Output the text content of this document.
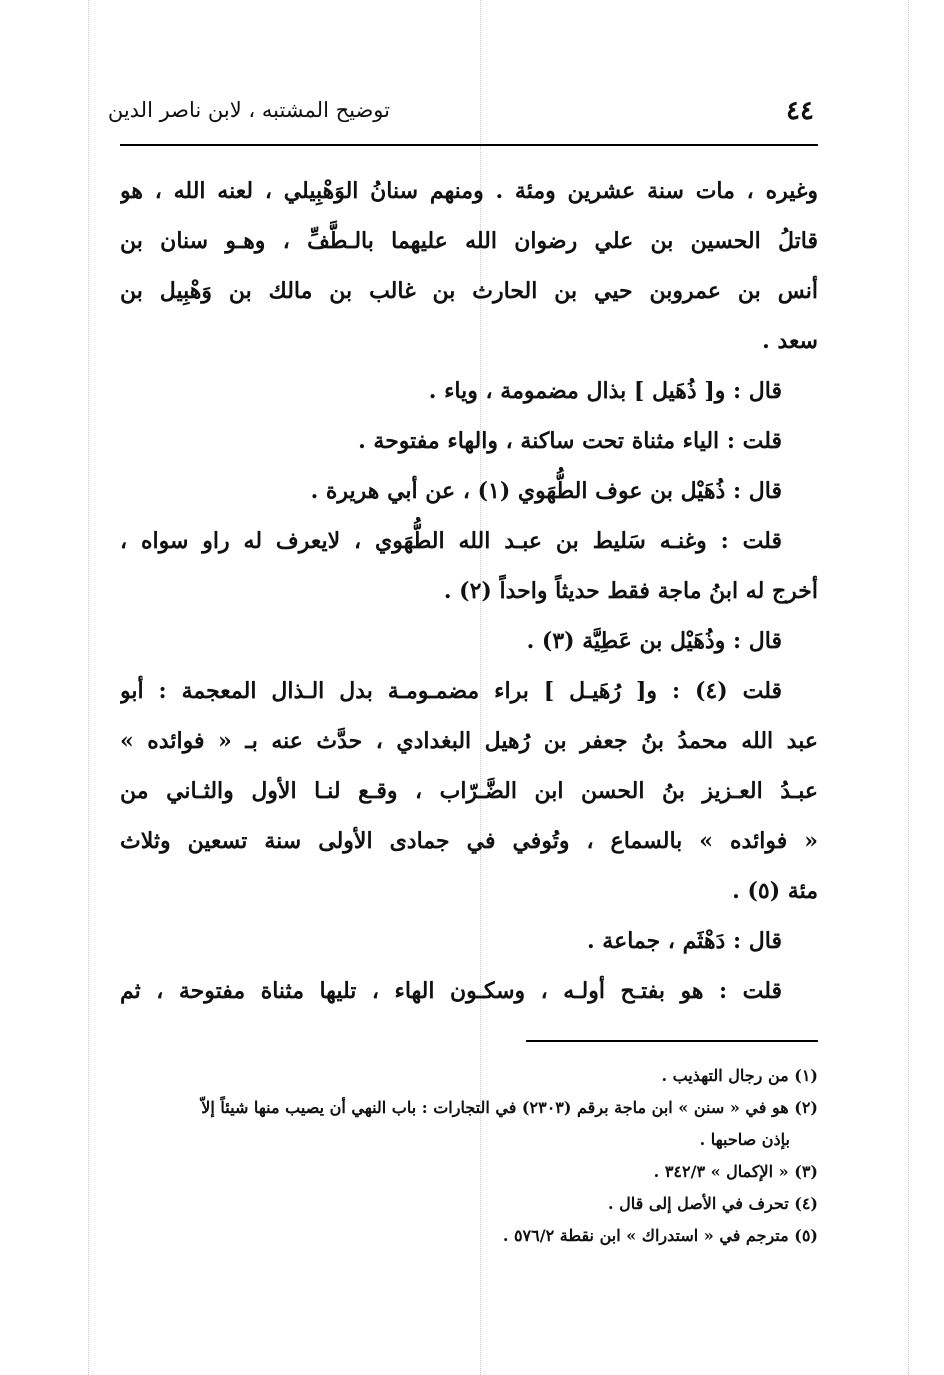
٤٤
توضيح المشتبه ، لابن ناصر الدين
وغيره ، مات سنة عشرين ومئة . ومنهم سنانُ الوَهْبِيلي ، لعنه الله ، هو
قاتلُ الحسين بن علي رضوان الله عليهما بالـطَّفِّ ، وهـو سنان بن
أنس بن عمروبن حيي بن الحارث بن غالب بن مالك بن وَهْبِيل بن
سعد .
قال : و[ ذُهَيل ] بذال مضمومة ، وياء .
قلت : الياء مثناة تحت ساكنة ، والهاء مفتوحة .
قال : ذُهَيْل بن عوف الطُّهَوي (١) ، عن أبي هريرة .
قلت : وغنـه سَليط بن عبـد الله الطُّهَوي ، لايعرف له راو سواه ،
أخرج له ابنُ ماجة فقط حديثاً واحداً (٢) .
قال : وذُهَيْل بن عَطِيَّة (٣) .
قلت (٤) : و[ رُهَيـل ] براء مضمـومـة بدل الـذال المعجمة : أبو
عبد الله محمدُ بنُ جعفر بن رُهيل البغدادي ، حدَّث عنه بـ « فوائده »
عبـدُ العـزيز بنُ الحسن ابن الضَّـرّاب ، وقـع لنـا الأول والثـاني من
« فوائده » بالسماع ، وتُوفي في جمادى الأولى سنة تسعين وثلاث
مئة (٥) .
قال : دَهْثَم ، جماعة .
قلت : هو بفتـح أولـه ، وسكـون الهاء ، تليها مثناة مفتوحة ، ثم
(١) من رجال التهذيب .
(٢) هو في « سنن » ابن ماجة برقم (٢٣٠٣) في التجارات : باب النهي أن يصيب منها شيئاً إلاّ
بإذن صاحبها .
(٣) « الإكمال » ٣٤٢/٣ .
(٤) تحرف في الأصل إلى قال .
(٥) مترجم في « استدراك » ابن نقطة ٥٧٦/٢ .
